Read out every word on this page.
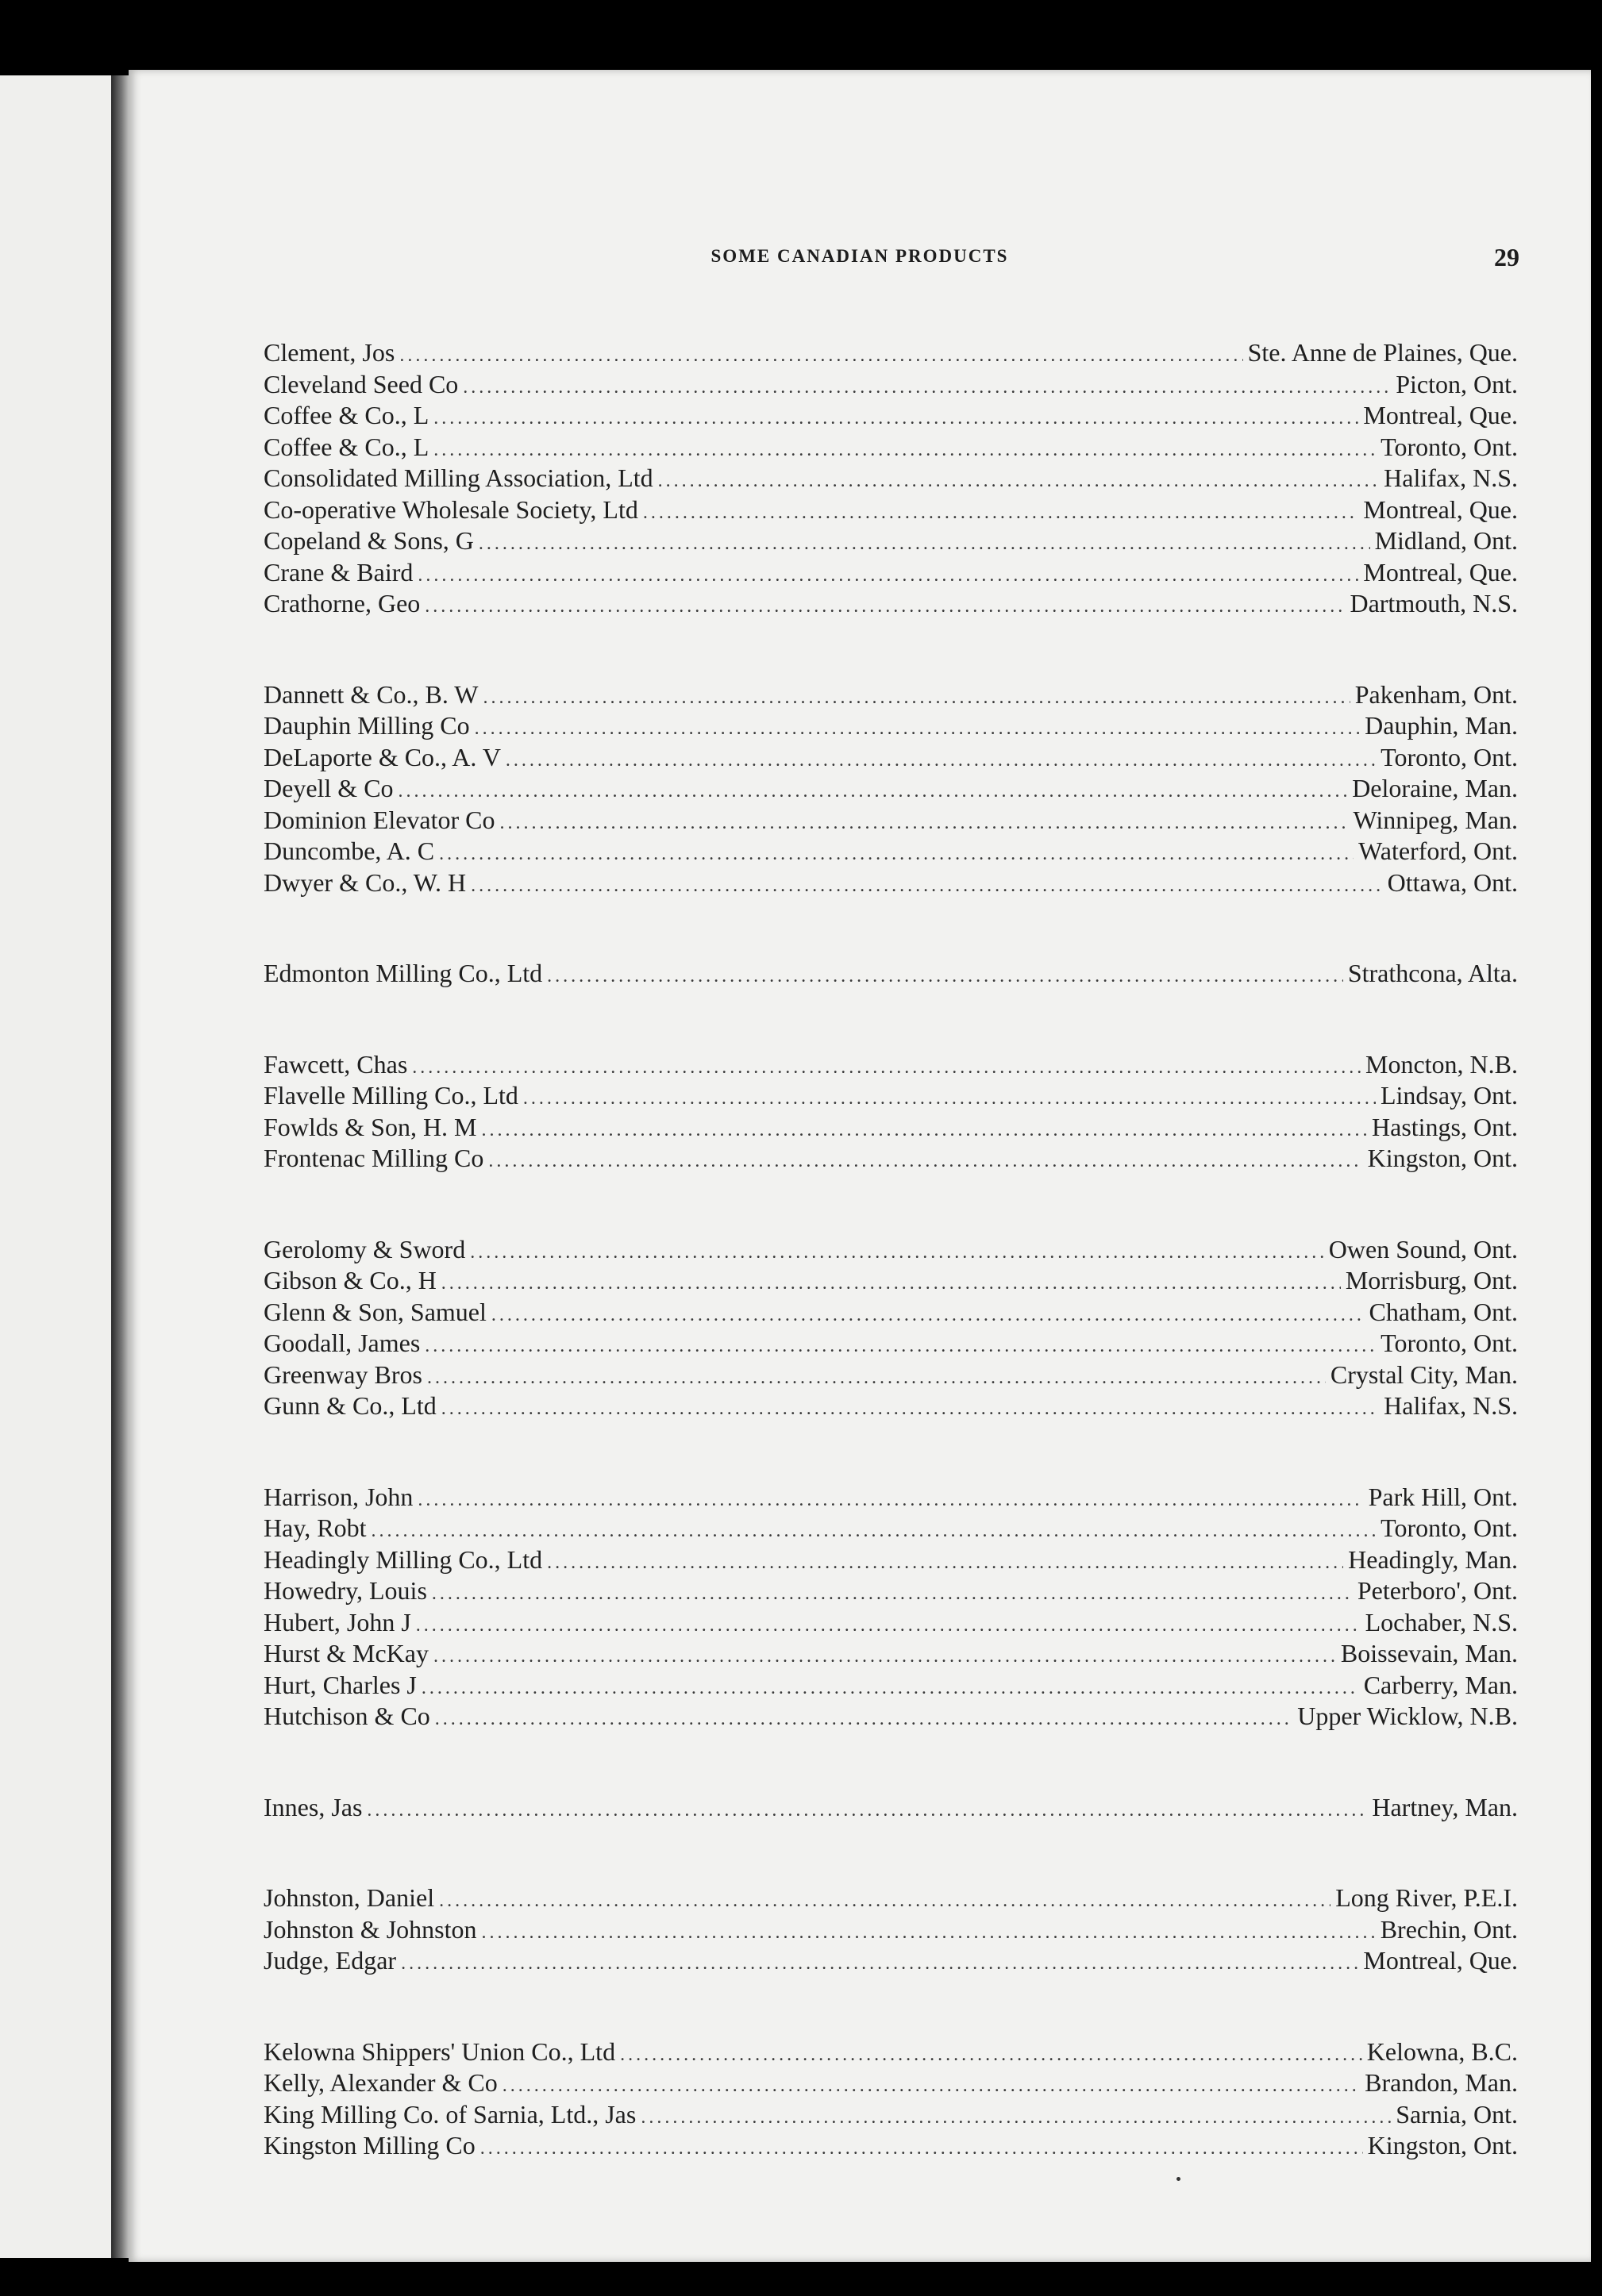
SOME CANADIAN PRODUCTS	29
Clement, Jos .....	Ste. Anne de Plaines, Que.
Cleveland Seed Co .....	Picton, Ont.
Coffee & Co., L .....	Montreal, Que.
Coffee & Co., L .....	Toronto, Ont.
Consolidated Milling Association, Ltd .....	Halifax, N.S.
Co-operative Wholesale Society, Ltd .....	Montreal, Que.
Copeland & Sons, G .....	Midland, Ont.
Crane & Baird .....	Montreal, Que.
Crathorne, Geo .....	Dartmouth, N.S.
Dannett & Co., B. W .....	Pakenham, Ont.
Dauphin Milling Co .....	Dauphin, Man.
DeLaporte & Co., A. V .....	Toronto, Ont.
Deyell & Co .....	Deloraine, Man.
Dominion Elevator Co .....	Winnipeg, Man.
Duncombe, A. C .....	Waterford, Ont.
Dwyer & Co., W. H .....	Ottawa, Ont.
Edmonton Milling Co., Ltd .....	Strathcona, Alta.
Fawcett, Chas .....	Moncton, N.B.
Flavelle Milling Co., Ltd .....	Lindsay, Ont.
Fowlds & Son, H. M .....	Hastings, Ont.
Frontenac Milling Co .....	Kingston, Ont.
Gerolomy & Sword .....	Owen Sound, Ont.
Gibson & Co., H .....	Morrisburg, Ont.
Glenn & Son, Samuel .....	Chatham, Ont.
Goodall, James .....	Toronto, Ont.
Greenway Bros .....	Crystal City, Man.
Gunn & Co., Ltd .....	Halifax, N.S.
Harrison, John .....	Park Hill, Ont.
Hay, Robt .....	Toronto, Ont.
Headingly Milling Co., Ltd .....	Headingly, Man.
Howedry, Louis .....	Peterboro', Ont.
Hubert, John J .....	Lochaber, N.S.
Hurst & McKay .....	Boissevain, Man.
Hurt, Charles J .....	Carberry, Man.
Hutchison & Co .....	Upper Wicklow, N.B.
Innes, Jas .....	Hartney, Man.
Johnston, Daniel .....	Long River, P.E.I.
Johnston & Johnston .....	Brechin, Ont.
Judge, Edgar .....	Montreal, Que.
Kelowna Shippers' Union Co., Ltd .....	Kelowna, B.C.
Kelly, Alexander & Co .....	Brandon, Man.
King Milling Co. of Sarnia, Ltd., Jas .....	Sarnia, Ont.
Kingston Milling Co .....	Kingston, Ont.
